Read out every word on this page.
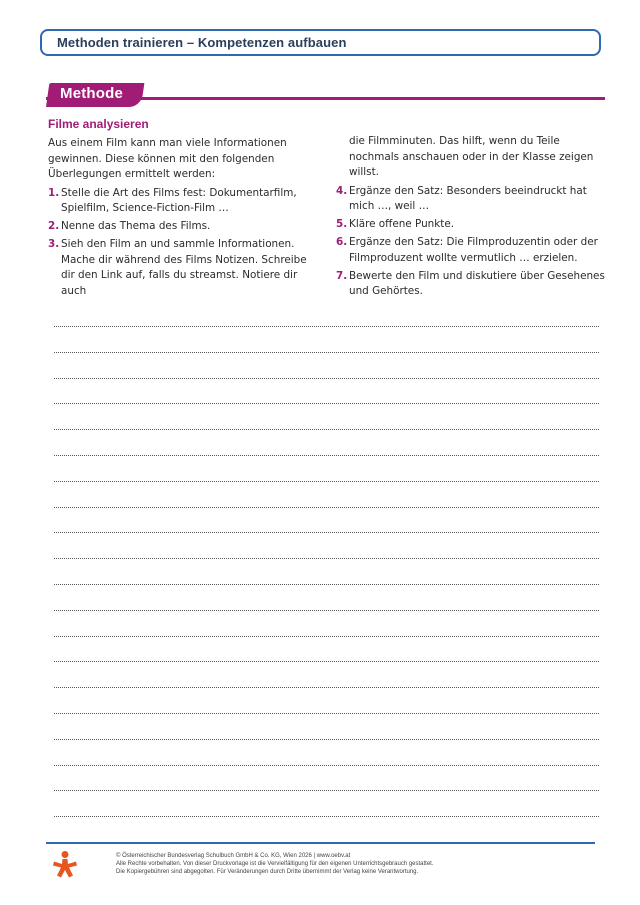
Methoden trainieren – Kompetenzen aufbauen
Methode
Filme analysieren

Aus einem Film kann man viele Informationen gewinnen. Diese können mit den folgenden Überlegungen ermittelt werden:

1. Stelle die Art des Films fest: Dokumentarfilm, Spielfilm, Science-Fiction-Film …
2. Nenne das Thema des Films.
3. Sieh den Film an und sammle Informationen. Mache dir während des Films Notizen. Schreibe dir den Link auf, falls du streamst. Notiere dir auch

die Filmminuten. Das hilft, wenn du Teile nochmals anschauen oder in der Klasse zeigen willst.

4. Ergänze den Satz: Besonders beeindruckt hat mich …, weil …
5. Kläre offene Punkte.
6. Ergänze den Satz: Die Filmproduzentin oder der Filmproduzent wollte vermutlich … erzielen.
7. Bewerte den Film und diskutiere über Gesehenes und Gehörtes.
© Österreichischer Bundesverlag Schulbuch GmbH & Co. KG, Wien 2026 | www.oebv.at
Alle Rechte vorbehalten. Von dieser Druckvorlage ist die Vervielfältigung für den eigenen Unterrichtsgebrauch gestattet.
Die Kopiergebühren sind abgegolten. Für Veränderungen durch Dritte übernimmt der Verlag keine Verantwortung.
